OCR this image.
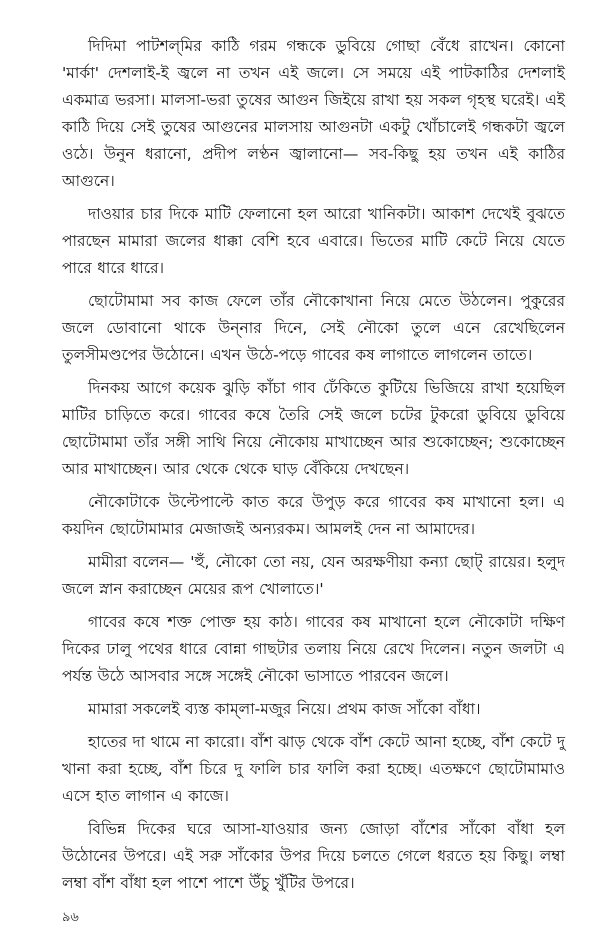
দিদিমা পাটশল্‌মির কাঠি গরম গন্ধকে ডুবিয়ে গোছা বেঁধে রাখেন। কোনো 'মার্কা' দেশলাই-ই জ্বলে না তখন এই জলে। সে সময়ে এই পাটকাঠির দেশলাই একমাত্র ভরসা। মালসা-ভরা তুষের আগুন জিইয়ে রাখা হয় সকল গৃহস্থ ঘরেই। এই কাঠি দিয়ে সেই তুষের আগুনের মালসায় আগুনটা একটু খোঁচালেই গন্ধকটা জ্বলে ওঠে। উনুন ধরানো, প্রদীপ লণ্ঠন জ্বালানো— সব-কিছু হয় তখন এই কাঠির আগুনে।

দাওয়ার চার দিকে মাটি ফেলানো হল আরো খানিকটা। আকাশ দেখেই বুঝতে পারছেন মামারা জলের ধাক্কা বেশি হবে এবারে। ভিতের মাটি কেটে নিয়ে যেতে পারে ধারে ধারে।

ছোটোমামা সব কাজ ফেলে তাঁর নৌকোখানা নিয়ে মেতে উঠলেন। পুকুরের জলে ডোবানো থাকে উন্‌নার দিনে, সেই নৌকো তুলে এনে রেখেছিলেন তুলসীমণ্ডপের উঠোনে। এখন উঠে-পড়ে গাবের কষ লাগাতে লাগলেন তাতে।

দিনকয় আগে কয়েক ঝুড়ি কাঁচা গাব ঢেঁকিতে কুটিয়ে ভিজিয়ে রাখা হয়েছিল মাটির চাড়িতে করে। গাবের কষে তৈরি সেই জলে চটের টুকরো ডুবিয়ে ডুবিয়ে ছোটোমামা তাঁর সঙ্গী সাথি নিয়ে নৌকোয় মাখাচ্ছেন আর শুকোচ্ছেন; শুকোচ্ছেন আর মাখাচ্ছেন। আর থেকে থেকে ঘাড় বেঁকিয়ে দেখছেন।

নৌকোটাকে উল্টেপাল্টে কাত করে উপুড় করে গাবের কষ মাখানো হল। এ কয়দিন ছোটোমামার মেজাজই অন্যরকম। আমলই দেন না আমাদের।

মামীরা বলেন— 'হুঁ, নৌকো তো নয়, যেন অরক্ষণীয়া কন্যা ছোট্ রায়ের। হলুদ জলে স্নান করাচ্ছেন মেয়ের রূপ খোলাতে।'

গাবের কষে শক্ত পোক্ত হয় কাঠ। গাবের কষ মাখানো হলে নৌকোটা দক্ষিণ দিকের ঢালু পথের ধারে বোন্না গাছটার তলায় নিয়ে রেখে দিলেন। নতুন জলটা এ পর্যন্ত উঠে আসবার সঙ্গে সঙ্গেই নৌকো ভাসাতে পারবেন জলে।

মামারা সকলেই ব্যস্ত কাম্‌লা-মজুর নিয়ে। প্রথম কাজ সাঁকো বাঁধা।

হাতের দা থামে না কারো। বাঁশ ঝাড় থেকে বাঁশ কেটে আনা হচ্ছে, বাঁশ কেটে দু খানা করা হচ্ছে, বাঁশ চিরে দু ফালি চার ফালি করা হচ্ছে। এতক্ষণে ছোটোমামাও এসে হাত লাগান এ কাজে।

বিভিন্ন দিকের ঘরে আসা-যাওয়ার জন্য জোড়া বাঁশের সাঁকো বাঁধা হল উঠোনের উপরে। এই সরু সাঁকোর উপর দিয়ে চলতে গেলে ধরতে হয় কিছু। লম্বা লম্বা বাঁশ বাঁধা হল পাশে পাশে উঁচু খুঁটির উপরে।

৯৬
